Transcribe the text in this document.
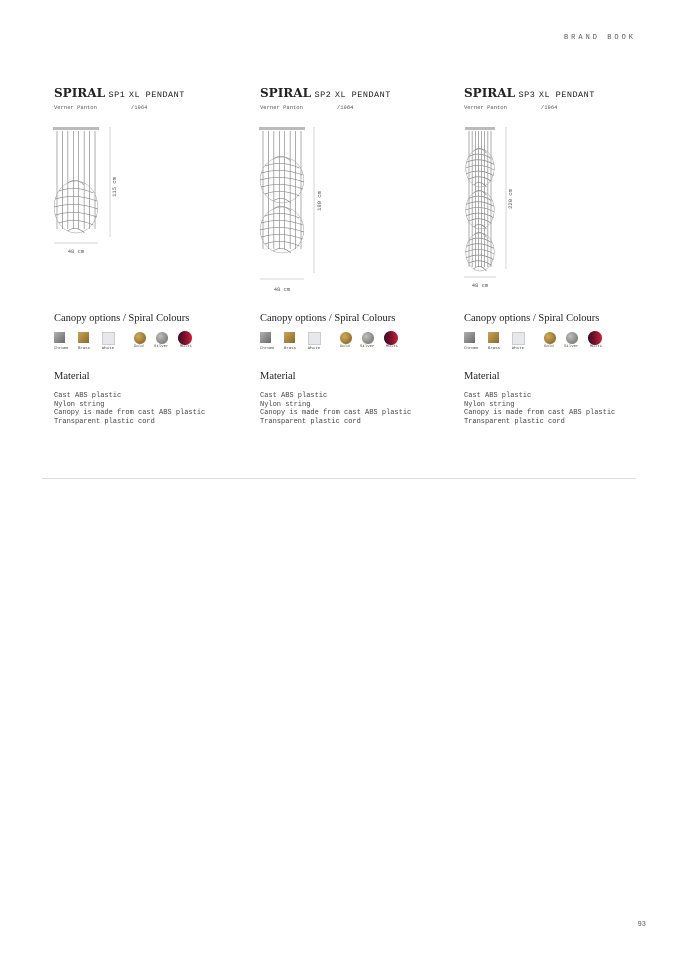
BRAND BOOK
SPIRAL SP1 XL PENDANT
Verner Panton	/1964
115 cm
48 cm
Canopy options / Spiral Colours
Chrome Brass	White	Gold	Silver	Multi
Material
Cast ABS plastic
Nylon string
Canopy is made from cast ABS plastic
Transparent plastic cord
SPIRAL SP2 XL PENDANT
Verner Panton	/1964
180 cm
48 cm
Canopy options / Spiral Colours
Chrome Brass	White	Gold	Silver	Multi
Material
Cast ABS plastic
Nylon string
Canopy is made from cast ABS plastic
Transparent plastic cord
SPIRAL SP3 XL PENDANT
Verner Panton	/1964
220 cm
48 cm
Canopy options / Spiral Colours
Chrome Brass	White	Gold	Silver	Multi
Material
Cast ABS plastic
Nylon string
Canopy is made from cast ABS plastic
Transparent plastic cord
93
